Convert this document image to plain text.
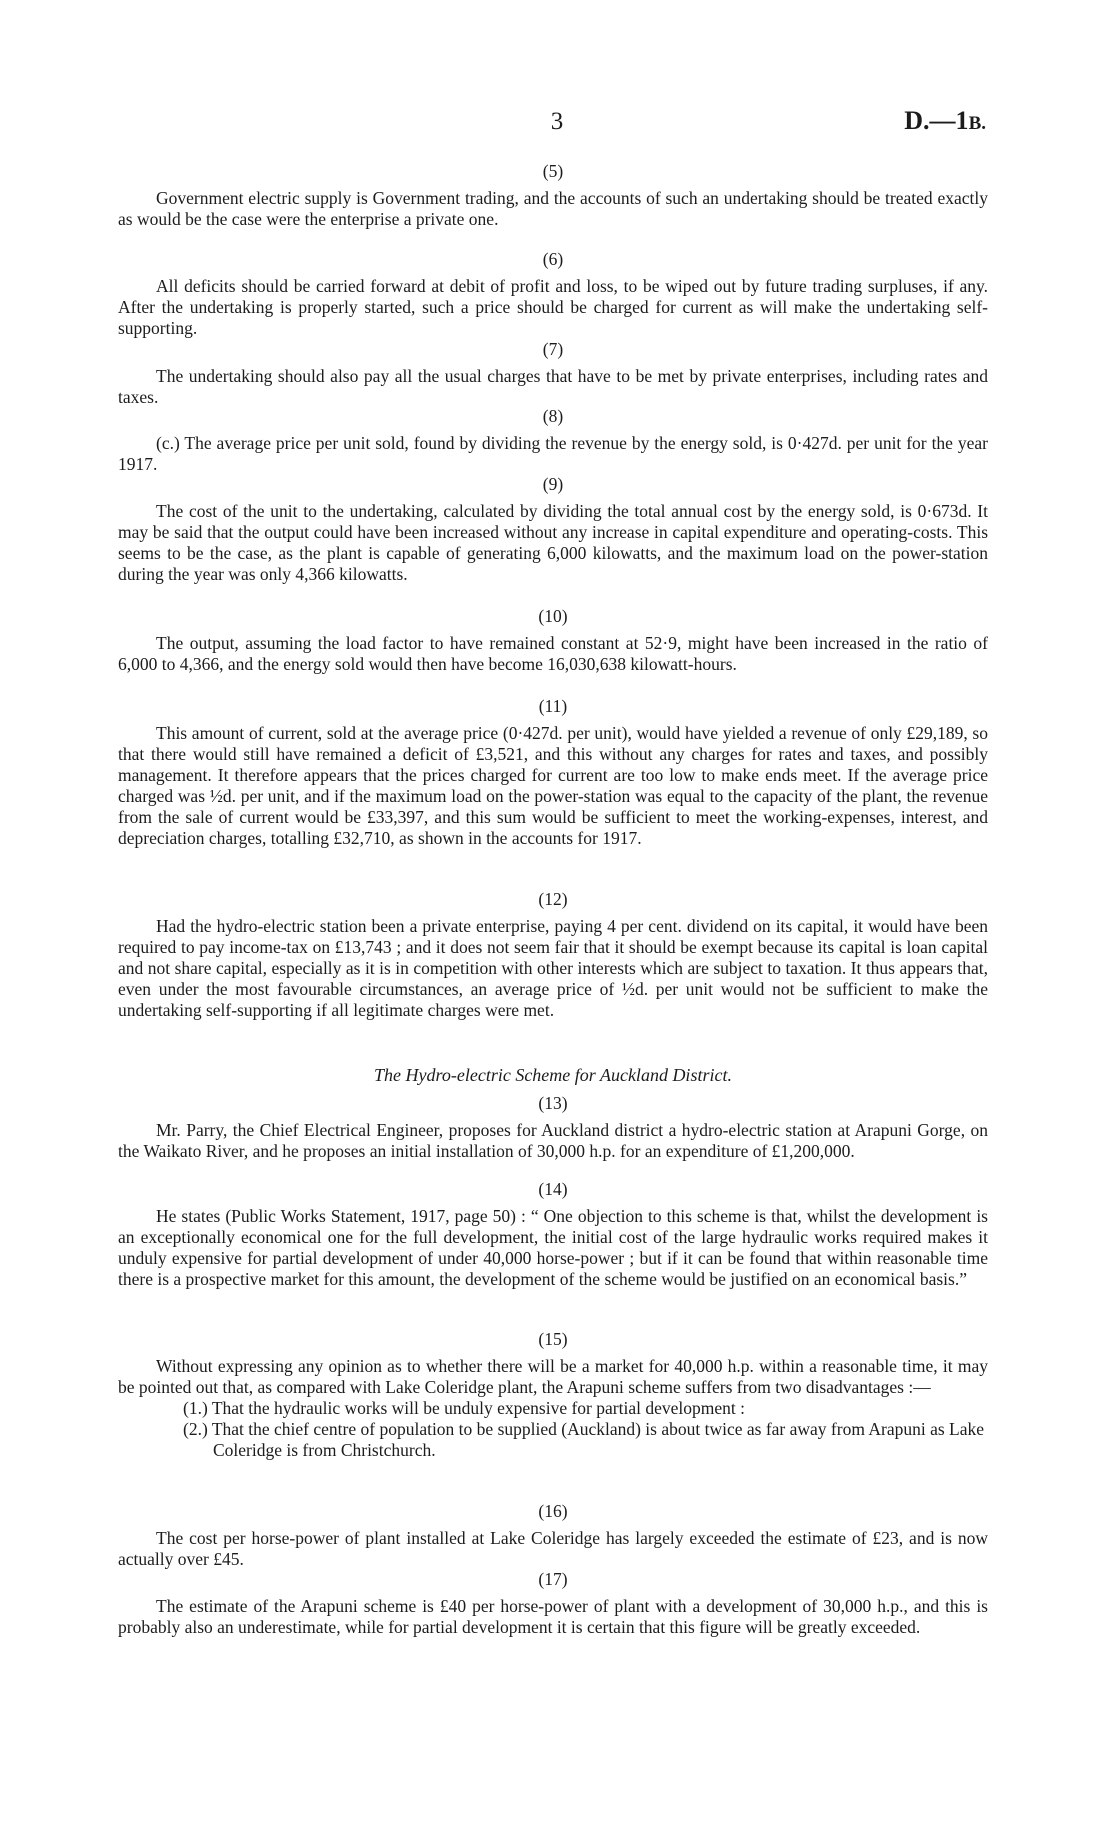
3	D.—1B.
(5)

Government electric supply is Government trading, and the accounts of such an undertaking should be treated exactly as would be the case were the enterprise a private one.

(6)

All deficits should be carried forward at debit of profit and loss, to be wiped out by future trading surpluses, if any. After the undertaking is properly started, such a price should be charged for current as will make the undertaking self-supporting.

(7)

The undertaking should also pay all the usual charges that have to be met by private enterprises, including rates and taxes.

(8)

(c.) The average price per unit sold, found by dividing the revenue by the energy sold, is 0·427d. per unit for the year 1917.

(9)

The cost of the unit to the undertaking, calculated by dividing the total annual cost by the energy sold, is 0·673d. It may be said that the output could have been increased without any increase in capital expenditure and operating-costs. This seems to be the case, as the plant is capable of generating 6,000 kilowatts, and the maximum load on the power-station during the year was only 4,366 kilowatts.

(10)

The output, assuming the load factor to have remained constant at 52·9, might have been increased in the ratio of 6,000 to 4,366, and the energy sold would then have become 16,030,638 kilowatt-hours.

(11)

This amount of current, sold at the average price (0·427d. per unit), would have yielded a revenue of only £29,189, so that there would still have remained a deficit of £3,521, and this without any charges for rates and taxes, and possibly management. It therefore appears that the prices charged for current are too low to make ends meet. If the average price charged was ½d. per unit, and if the maximum load on the power-station was equal to the capacity of the plant, the revenue from the sale of current would be £33,397, and this sum would be sufficient to meet the working-expenses, interest, and depreciation charges, totalling £32,710, as shown in the accounts for 1917.

(12)

Had the hydro-electric station been a private enterprise, paying 4 per cent. dividend on its capital, it would have been required to pay income-tax on £13,743 ; and it does not seem fair that it should be exempt because its capital is loan capital and not share capital, especially as it is in competition with other interests which are subject to taxation. It thus appears that, even under the most favourable circumstances, an average price of ½d. per unit would not be sufficient to make the undertaking self-supporting if all legitimate charges were met.

The Hydro-electric Scheme for Auckland District.
(13)

Mr. Parry, the Chief Electrical Engineer, proposes for Auckland district a hydro-electric station at Arapuni Gorge, on the Waikato River, and he proposes an initial installation of 30,000 h.p. for an expenditure of £1,200,000.

(14)

He states (Public Works Statement, 1917, page 50) : “ One objection to this scheme is that, whilst the development is an exceptionally economical one for the full development, the initial cost of the large hydraulic works required makes it unduly expensive for partial development of under 40,000 horse-power ; but if it can be found that within reasonable time there is a prospective market for this amount, the development of the scheme would be justified on an economical basis.”

(15)

Without expressing any opinion as to whether there will be a market for 40,000 h.p. within a reasonable time, it may be pointed out that, as compared with Lake Coleridge plant, the Arapuni scheme suffers from two disadvantages :—

(1.) That the hydraulic works will be unduly expensive for partial development :

(2.) That the chief centre of population to be supplied (Auckland) is about twice as far away from Arapuni as Lake Coleridge is from Christchurch.

(16)

The cost per horse-power of plant installed at Lake Coleridge has largely exceeded the estimate of £23, and is now actually over £45.

(17)

The estimate of the Arapuni scheme is £40 per horse-power of plant with a development of 30,000 h.p., and this is probably also an underestimate, while for partial development it is certain that this figure will be greatly exceeded.
